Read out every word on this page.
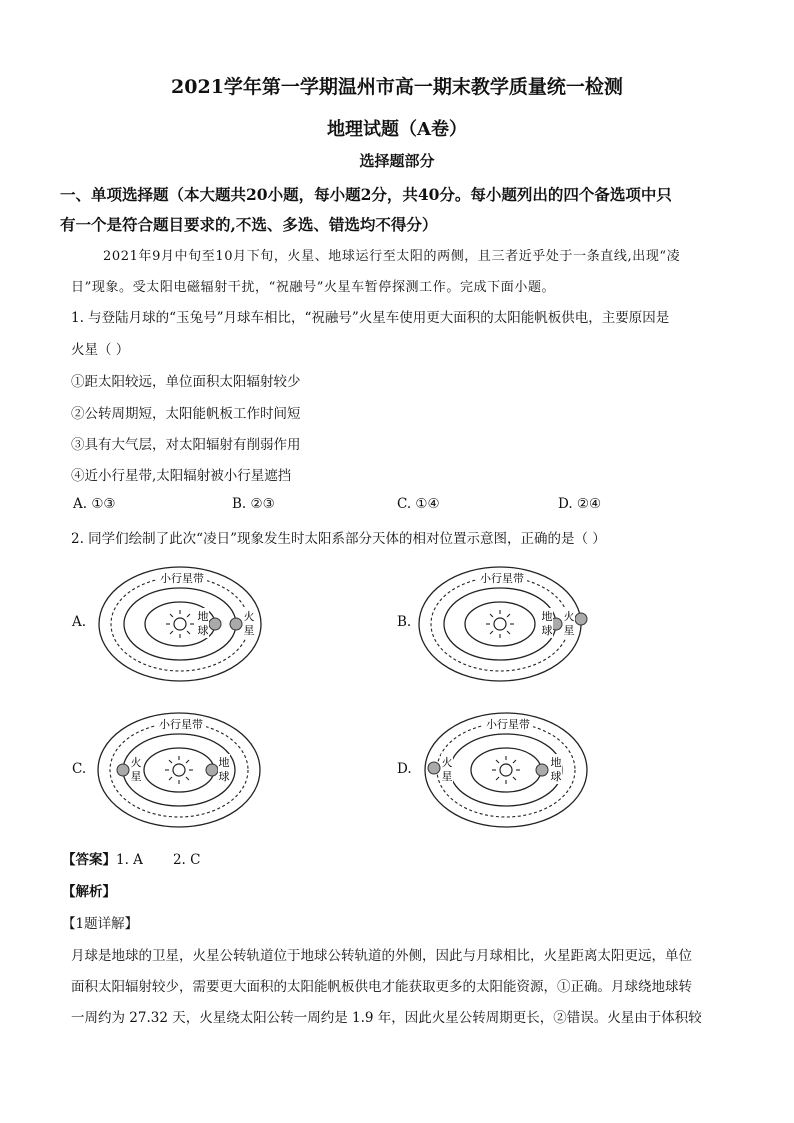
2021学年第一学期温州市高一期末教学质量统一检测
地理试题（A卷）
选择题部分
一、单项选择题（本大题共20小题，每小题2分，共40分。每小题列出的四个备选项中只
有一个是符合题目要求的,不选、多选、错选均不得分）
2021年9月中旬至10月下旬，火星、地球运行至太阳的两侧，且三者近乎处于一条直线,出现“凌
日”现象。受太阳电磁辐射干扰，“祝融号”火星车暂停探测工作。完成下面小题。
1. 与登陆月球的“玉兔号”月球车相比，“祝融号”火星车使用更大面积的太阳能帆板供电，主要原因是
火星（ ）
①距太阳较远，单位面积太阳辐射较少
②公转周期短，太阳能帆板工作时间短
③具有大气层，对太阳辐射有削弱作用
④近小行星带,太阳辐射被小行星遮挡
A. ①③	B. ②③	C. ①④	D. ②④
2. 同学们绘制了此次“凌日”现象发生时太阳系部分天体的相对位置示意图，正确的是（ ）
A.
小行星带
地
球
火
星
B.
小行星带
地
球
火
星
C.
小行星带
火
星
地
球	D.
小行星带
火
星
地
球
【答案】1. A       2. C
【解析】
【1题详解】
月球是地球的卫星，火星公转轨道位于地球公转轨道的外侧，因此与月球相比，火星距离太阳更远，单位
面积太阳辐射较少，需要更大面积的太阳能帆板供电才能获取更多的太阳能资源，①正确。月球绕地球转
一周约为 27.32 天，火星绕太阳公转一周约是 1.9 年，因此火星公转周期更长，②错误。火星由于体积较
